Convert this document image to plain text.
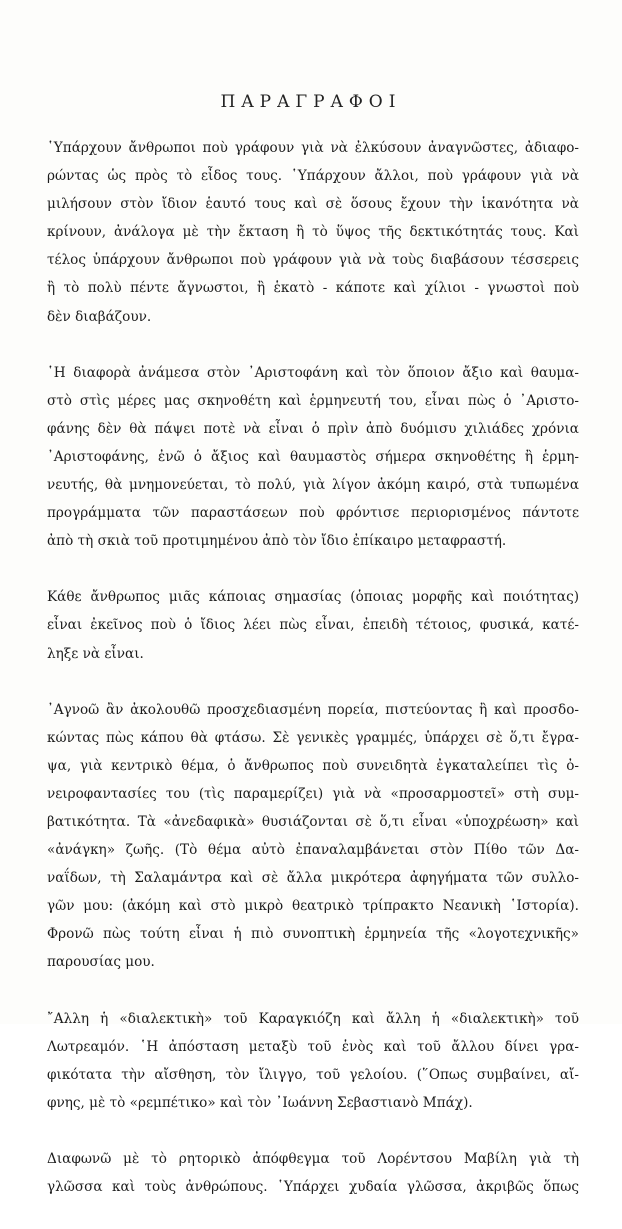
ΠΑΡΑΓΡΑΦΟΙ
῾Υπάρχουν ἄνθρωποι ποὺ γράφουν γιὰ νὰ ἐλκύσουν ἀναγνῶστες, ἀδιαφο-
ρώντας ὡς πρὸς τὸ εἶδος τους. ῾Υπάρχουν ἄλλοι, ποὺ γράφουν γιὰ νὰ
μιλήσουν στὸν ἴδιον ἑαυτό τους καὶ σὲ ὅσους ἔχουν τὴν ἱκανότητα νὰ
κρίνουν, ἀνάλογα μὲ τὴν ἔκταση ἢ τὸ ὕψος τῆς δεκτικότητάς τους. Καὶ
τέλος ὑπάρχουν ἄνθρωποι ποὺ γράφουν γιὰ νὰ τοὺς διαβάσουν τέσσερεις
ἢ τὸ πολὺ πέντε ἄγνωστοι, ἢ ἑκατὸ - κάποτε καὶ χίλιοι - γνωστοὶ ποὺ
δὲν διαβάζουν.
῾Η διαφορὰ ἀνάμεσα στὸν ᾿Αριστοφάνη καὶ τὸν ὅποιον ἄξιο καὶ θαυμα-
στὸ στὶς μέρες μας σκηνοθέτη καὶ ἑρμηνευτή του, εἶναι πὼς ὁ ᾿Αριστο-
φάνης δὲν θὰ πάψει ποτὲ νὰ εἶναι ὁ πρὶν ἀπὸ δυόμισυ χιλιάδες χρόνια
᾿Αριστοφάνης, ἐνῶ ὁ ἄξιος καὶ θαυμαστὸς σήμερα σκηνοθέτης ἢ ἑρμη-
νευτής, θὰ μνημονεύεται, τὸ πολύ, γιὰ λίγον ἀκόμη καιρό, στὰ τυπωμένα
προγράμματα τῶν παραστάσεων ποὺ φρόντισε περιορισμένος πάντοτε
ἀπὸ τὴ σκιὰ τοῦ προτιμημένου ἀπὸ τὸν ἴδιο ἐπίκαιρο μεταφραστή.
Κάθε ἄνθρωπος μιᾶς κάποιας σημασίας (ὁποιας μορφῆς καὶ ποιότητας)
εἶναι ἐκεῖνος ποὺ ὁ ἴδιος λέει πὼς εἶναι, ἐπειδὴ τέτοιος, φυσικά, κατέ-
ληξε νὰ εἶναι.
᾿Αγνοῶ ἂν ἀκολουθῶ προσχεδιασμένη πορεία, πιστεύοντας ἢ καὶ προσδο-
κώντας πὼς κάπου θὰ φτάσω. Σὲ γενικὲς γραμμές, ὑπάρχει σὲ ὅ,τι ἔγρα-
ψα, γιὰ κεντρικὸ θέμα, ὁ ἄνθρωπος ποὺ συνειδητὰ ἐγκαταλείπει τὶς ὀ-
νειροφαντασίες του (τὶς παραμερίζει) γιὰ νὰ «προσαρμοστεῖ» στὴ συμ-
βατικότητα. Τὰ «ἀνεδαφικὰ» θυσιάζονται σὲ ὅ,τι εἶναι «ὑποχρέωση» καὶ
«ἀνάγκη» ζωῆς. (Τὸ θέμα αὐτὸ ἐπαναλαμβάνεται στὸν Πίθο τῶν Δα-
ναΐδων, τὴ Σαλαμάντρα καὶ σὲ ἄλλα μικρότερα ἀφηγήματα τῶν συλλο-
γῶν μου: (ἀκόμη καὶ στὸ μικρὸ θεατρικὸ τρίπρακτο Νεανικὴ ῾Ιστορία).
Φρονῶ πὼς τούτη εἶναι ἡ πιὸ συνοπτικὴ ἑρμηνεία τῆς «λογοτεχνικῆς»
παρουσίας μου.
῎Αλλη ἡ «διαλεκτικὴ» τοῦ Καραγκιόζη καὶ ἄλλη ἡ «διαλεκτικὴ» τοῦ
Λωτρεαμόν. ῾Η ἀπόσταση μεταξὺ τοῦ ἑνὸς καὶ τοῦ ἄλλου δίνει γρα-
φικότατα τὴν αἴσθηση, τὸν ἴλιγγο, τοῦ γελοίου. (῞Οπως συμβαίνει, αἴ-
φνης, μὲ τὸ «ρεμπέτικο» καὶ τὸν ᾿Ιωάννη Σεβαστιανὸ Μπάχ).
Διαφωνῶ μὲ τὸ ρητορικὸ ἀπόφθεγμα τοῦ Λορέντσου Μαβίλη γιὰ τὴ
γλῶσσα καὶ τοὺς ἀνθρώπους. ῾Υπάρχει χυδαία γλῶσσα, ἀκριβῶς ὅπως
